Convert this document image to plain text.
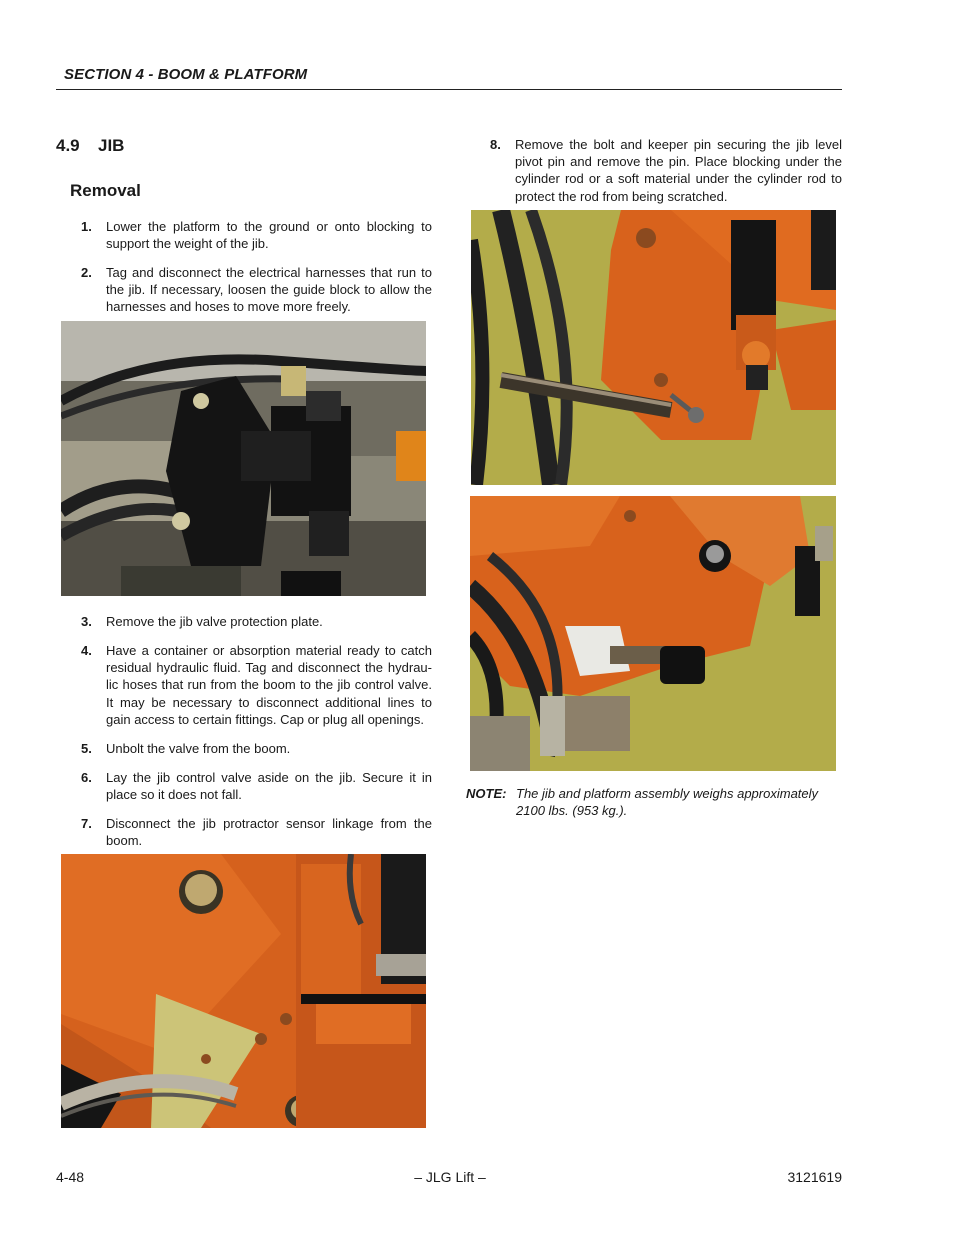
SECTION 4 - BOOM & PLATFORM
4.9 JIB
Removal
1. Lower the platform to the ground or onto blocking to support the weight of the jib.
2. Tag and disconnect the electrical harnesses that run to the jib. If necessary, loosen the guide block to allow the harnesses and hoses to move more freely.
3. Remove the jib valve protection plate.
4. Have a container or absorption material ready to catch residual hydraulic fluid. Tag and disconnect the hydrau-lic hoses that run from the boom to the jib control valve. It may be necessary to disconnect additional lines to gain access to certain fittings. Cap or plug all openings.
5. Unbolt the valve from the boom.
6. Lay the jib control valve aside on the jib. Secure it in place so it does not fall.
7. Disconnect the jib protractor sensor linkage from the boom.
8. Remove the bolt and keeper pin securing the jib level pivot pin and remove the pin. Place blocking under the cylinder rod or a soft material under the cylinder rod to protect the rod from being scratched.
NOTE: The jib and platform assembly weighs approximately 2100 lbs. (953 kg.).
4-48	– JLG Lift –	3121619
